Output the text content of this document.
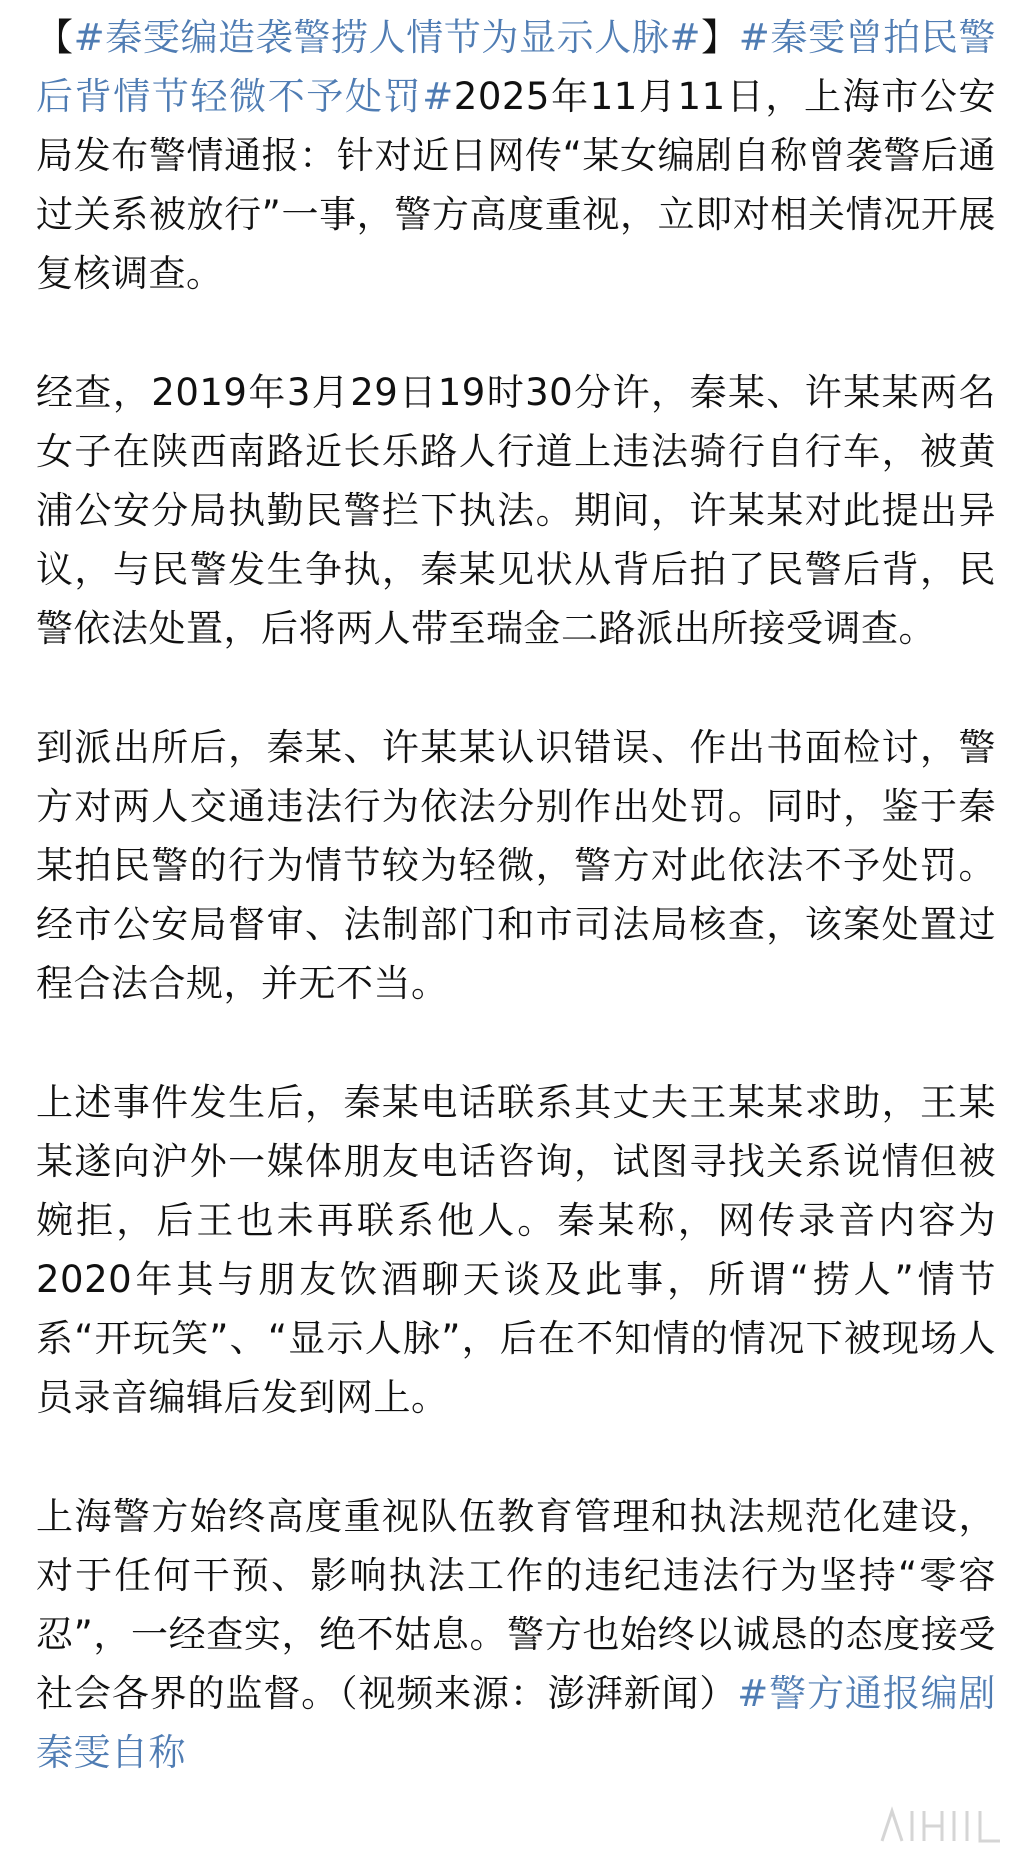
【#秦雯编造袭警捞人情节为显示人脉#】#秦雯曾拍民警后背情节轻微不予处罚#2025年11月11日，上海市公安局发布警情通报：针对近日网传“某女编剧自称曾袭警后通过关系被放行”一事，警方高度重视，立即对相关情况开展复核调查。

经查，2019年3月29日19时30分许，秦某、许某某两名女子在陕西南路近长乐路人行道上违法骑行自行车，被黄浦公安分局执勤民警拦下执法。期间，许某某对此提出异议，与民警发生争执，秦某见状从背后拍了民警后背，民警依法处置，后将两人带至瑞金二路派出所接受调查。

到派出所后，秦某、许某某认识错误、作出书面检讨，警方对两人交通违法行为依法分别作出处罚。同时，鉴于秦某拍民警的行为情节较为轻微，警方对此依法不予处罚。经市公安局督审、法制部门和市司法局核查，该案处置过程合法合规，并无不当。

上述事件发生后，秦某电话联系其丈夫王某某求助，王某某遂向沪外一媒体朋友电话咨询，试图寻找关系说情但被婉拒，后王也未再联系他人。秦某称，网传录音内容为2020年其与朋友饮酒聊天谈及此事，所谓“捞人”情节系“开玩笑”、“显示人脉”，后在不知情的情况下被现场人员录音编辑后发到网上。

上海警方始终高度重视队伍教育管理和执法规范化建设，对于任何干预、影响执法工作的违纪违法行为坚持“零容忍”，一经查实，绝不姑息。警方也始终以诚恳的态度接受社会各界的监督。（视频来源：澎湃新闻）#警方通报编剧秦雯自称
